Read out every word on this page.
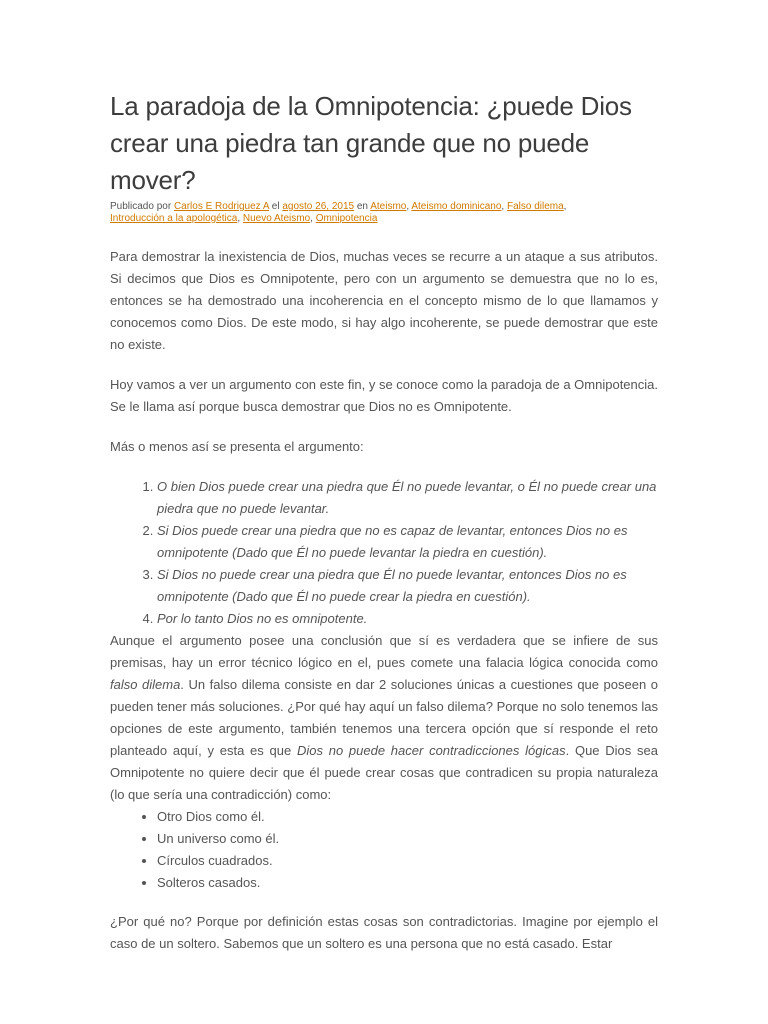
La paradoja de la Omnipotencia: ¿puede Dios crear una piedra tan grande que no puede mover?
Publicado por Carlos E Rodriguez A el agosto 26, 2015 en Ateismo, Ateismo dominicano, Falso dilema, Introducción a la apologética, Nuevo Ateismo, Omnipotencia

Para demostrar la inexistencia de Dios, muchas veces se recurre a un ataque a sus atributos. Si decimos que Dios es Omnipotente, pero con un argumento se demuestra que no lo es, entonces se ha demostrado una incoherencia en el concepto mismo de lo que llamamos y conocemos como Dios. De este modo, si hay algo incoherente, se puede demostrar que este no existe.

Hoy vamos a ver un argumento con este fin, y se conoce como la paradoja de a Omnipotencia. Se le llama así porque busca demostrar que Dios no es Omnipotente.

Más o menos así se presenta el argumento:

1. O bien Dios puede crear una piedra que Él no puede levantar, o Él no puede crear una piedra que no puede levantar.
2. Si Dios puede crear una piedra que no es capaz de levantar, entonces Dios no es omnipotente (Dado que Él no puede levantar la piedra en cuestión).
3. Si Dios no puede crear una piedra que Él no puede levantar, entonces Dios no es omnipotente (Dado que Él no puede crear la piedra en cuestión).
4. Por lo tanto Dios no es omnipotente.

Aunque el argumento posee una conclusión que sí es verdadera que se infiere de sus premisas, hay un error técnico lógico en el, pues comete una falacia lógica conocida como falso dilema. Un falso dilema consiste en dar 2 soluciones únicas a cuestiones que poseen o pueden tener más soluciones. ¿Por qué hay aquí un falso dilema? Porque no solo tenemos las opciones de este argumento, también tenemos una tercera opción que sí responde el reto planteado aquí, y esta es que Dios no puede hacer contradicciones lógicas. Que Dios sea Omnipotente no quiere decir que él puede crear cosas que contradicen su propia naturaleza (lo que sería una contradicción) como:

• Otro Dios como él.
• Un universo como él.
• Círculos cuadrados.
• Solteros casados.

¿Por qué no? Porque por definición estas cosas son contradictorias. Imagine por ejemplo el caso de un soltero. Sabemos que un soltero es una persona que no está casado. Estar
